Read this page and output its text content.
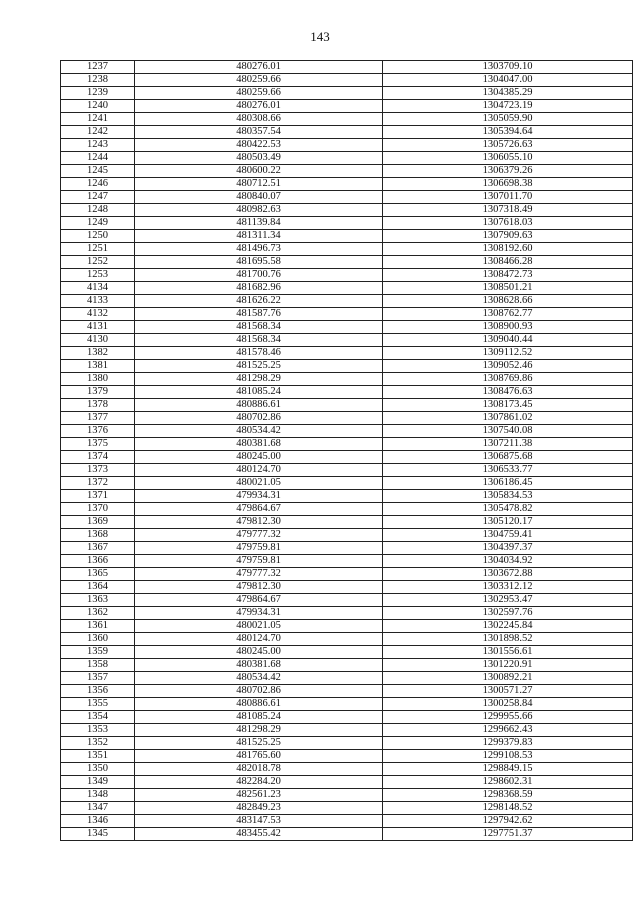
143
1237	480276.01	1303709.10
1238	480259.66	1304047.00
1239	480259.66	1304385.29
1240	480276.01	1304723.19
1241	480308.66	1305059.90
1242	480357.54	1305394.64
1243	480422.53	1305726.63
1244	480503.49	1306055.10
1245	480600.22	1306379.26
1246	480712.51	1306698.38
1247	480840.07	1307011.70
1248	480982.63	1307318.49
1249	481139.84	1307618.03
1250	481311.34	1307909.63
1251	481496.73	1308192.60
1252	481695.58	1308466.28
1253	481700.76	1308472.73
4134	481682.96	1308501.21
4133	481626.22	1308628.66
4132	481587.76	1308762.77
4131	481568.34	1308900.93
4130	481568.34	1309040.44
1382	481578.46	1309112.52
1381	481525.25	1309052.46
1380	481298.29	1308769.86
1379	481085.24	1308476.63
1378	480886.61	1308173.45
1377	480702.86	1307861.02
1376	480534.42	1307540.08
1375	480381.68	1307211.38
1374	480245.00	1306875.68
1373	480124.70	1306533.77
1372	480021.05	1306186.45
1371	479934.31	1305834.53
1370	479864.67	1305478.82
1369	479812.30	1305120.17
1368	479777.32	1304759.41
1367	479759.81	1304397.37
1366	479759.81	1304034.92
1365	479777.32	1303672.88
1364	479812.30	1303312.12
1363	479864.67	1302953.47
1362	479934.31	1302597.76
1361	480021.05	1302245.84
1360	480124.70	1301898.52
1359	480245.00	1301556.61
1358	480381.68	1301220.91
1357	480534.42	1300892.21
1356	480702.86	1300571.27
1355	480886.61	1300258.84
1354	481085.24	1299955.66
1353	481298.29	1299662.43
1352	481525.25	1299379.83
1351	481765.60	1299108.53
1350	482018.78	1298849.15
1349	482284.20	1298602.31
1348	482561.23	1298368.59
1347	482849.23	1298148.52
1346	483147.53	1297942.62
1345	483455.42	1297751.37
